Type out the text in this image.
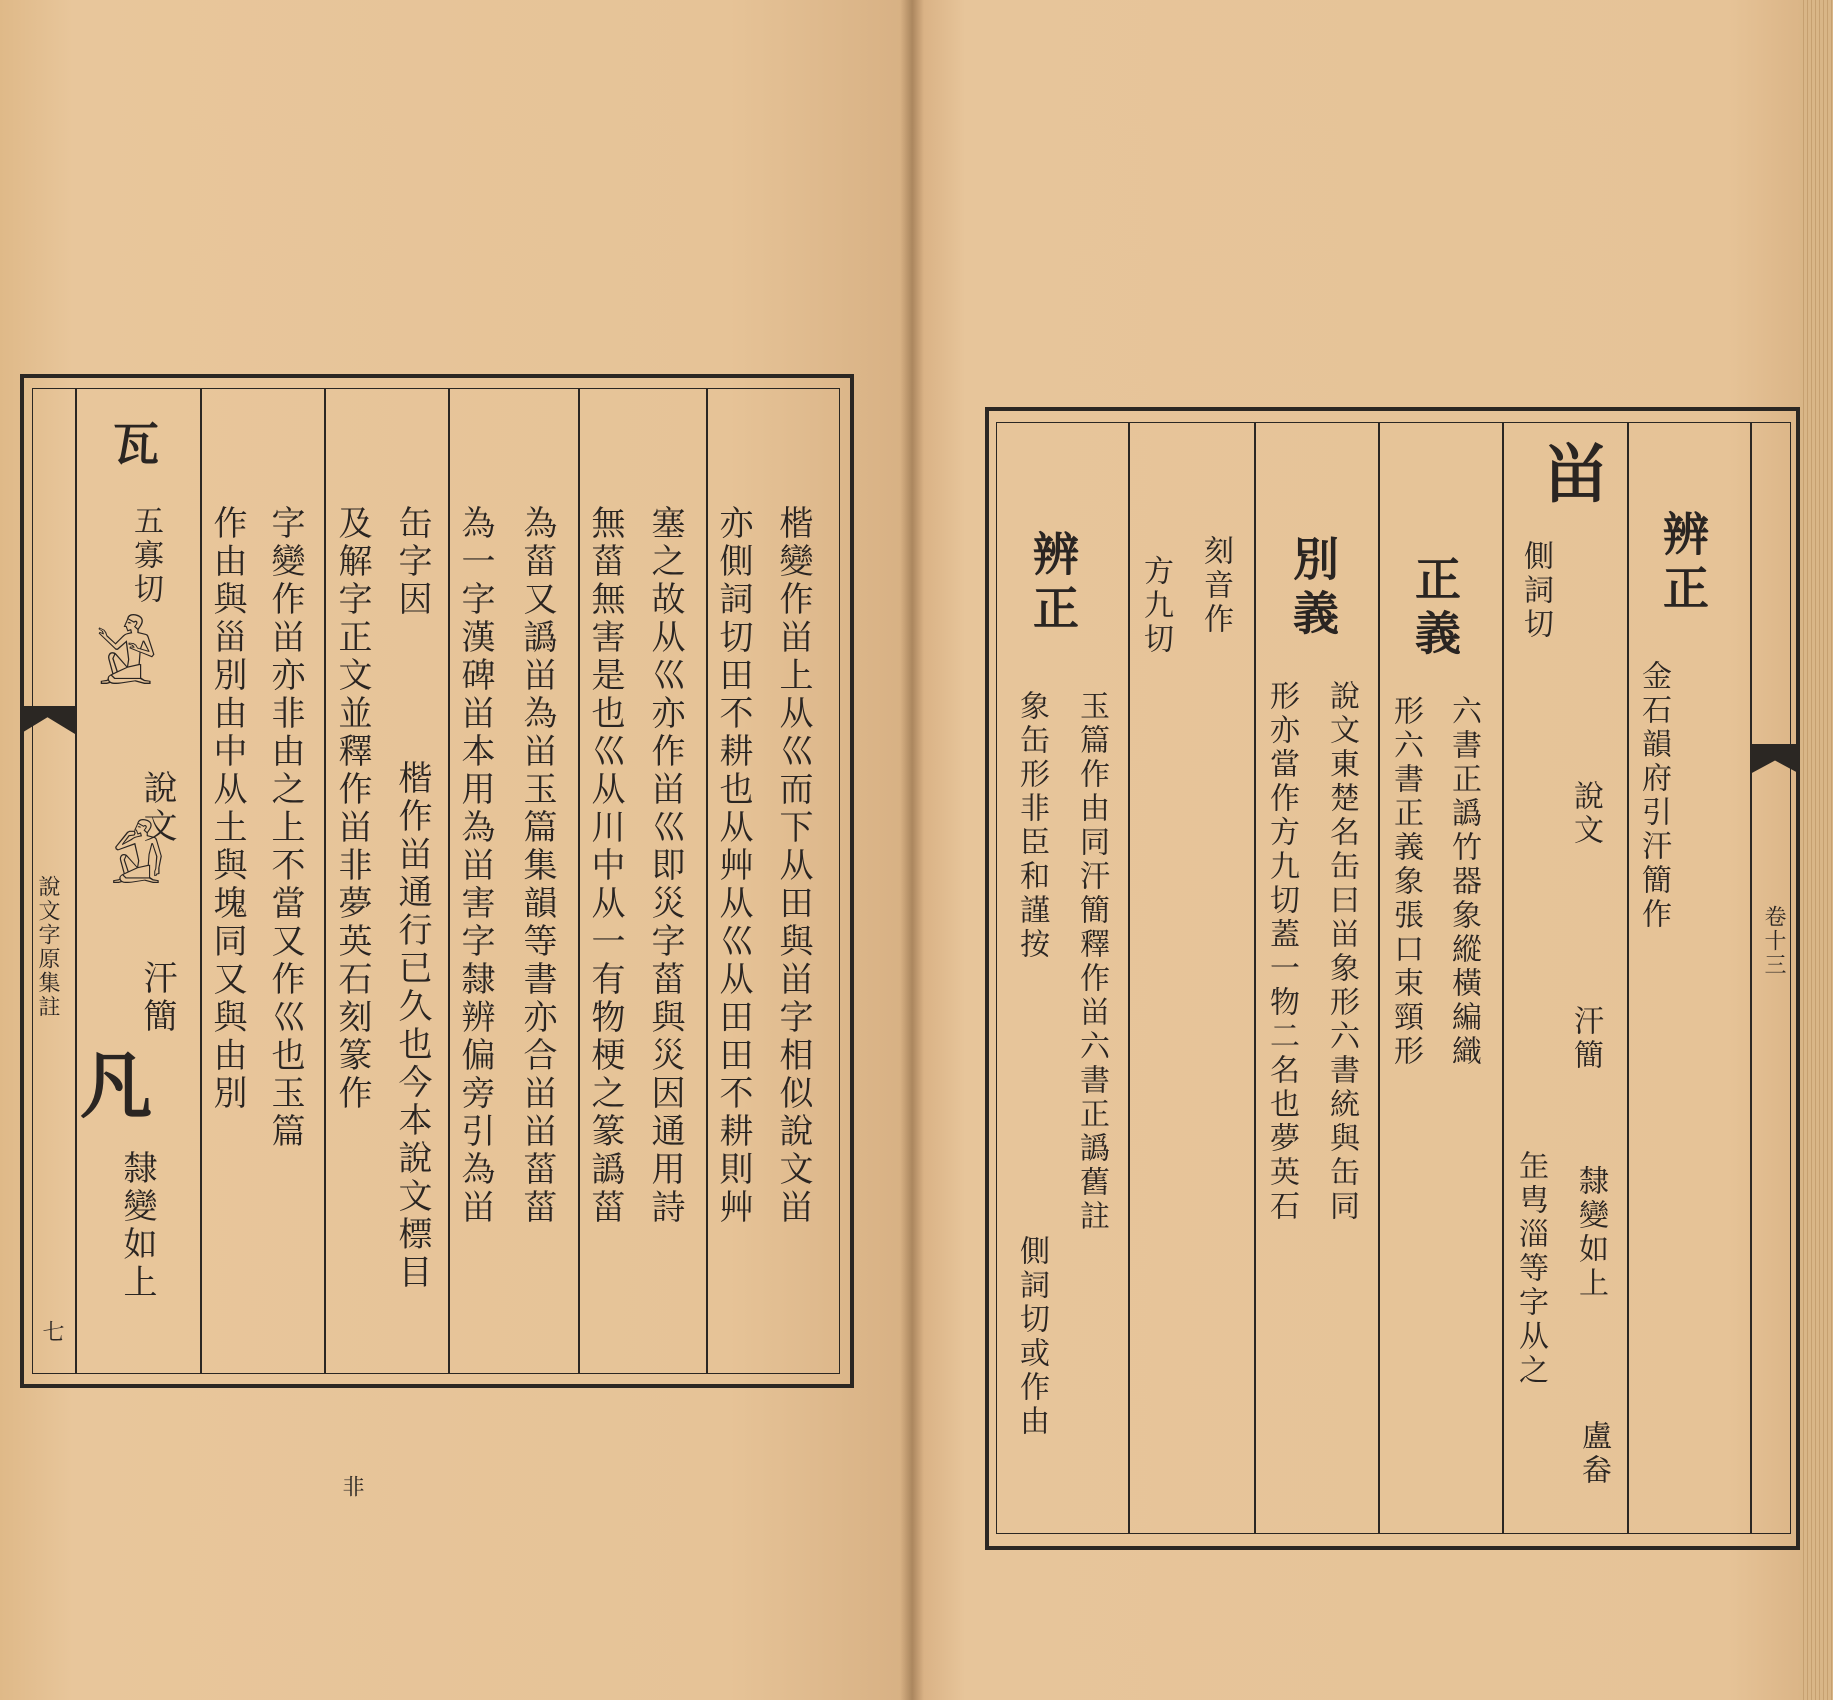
瓦
五寡切
𓀀
說文
𓀁
汗簡
凡
隸變如上
作由與甾別由中从土與塊同又與由別 字變作畄亦非由之上不當又作巛也玉篇 及解字正文並釋作畄非夢英石刻篆作
非
缶字因
楷作畄通行已久也今本說文標目 為一字漢碑畄本用為畄害字隸辨偏旁引為畄 為菑又譌畄為畄玉篇集韻等書亦合畄畄菑菑 無菑無害是也巛从川中从一有物梗之篆譌菑 塞之故从巛亦作畄巛即災字菑與災因通用詩 亦側詞切田不耕也从艸从巛从田田不耕則艸 楷變作畄上从巛而下从田與畄字相似說文畄
說文字原集註
七
卷十三
辨正
金石韻府引汗簡作
畄
側詞切
說文
汗簡
隸變如上
盧畚
𦈢㽕淄等字从之
正義
六書正譌竹器象縱橫編織
形六書正義象張口束頸形
別義
說文東楚名缶曰畄象形六書統與缶同
形亦當作方九切蓋一物二名也夢英石
刻音作
方九切
辨正
玉篇作由同汗簡釋作畄六書正譌舊註
象缶形非臣和謹按
側詞切或作由
